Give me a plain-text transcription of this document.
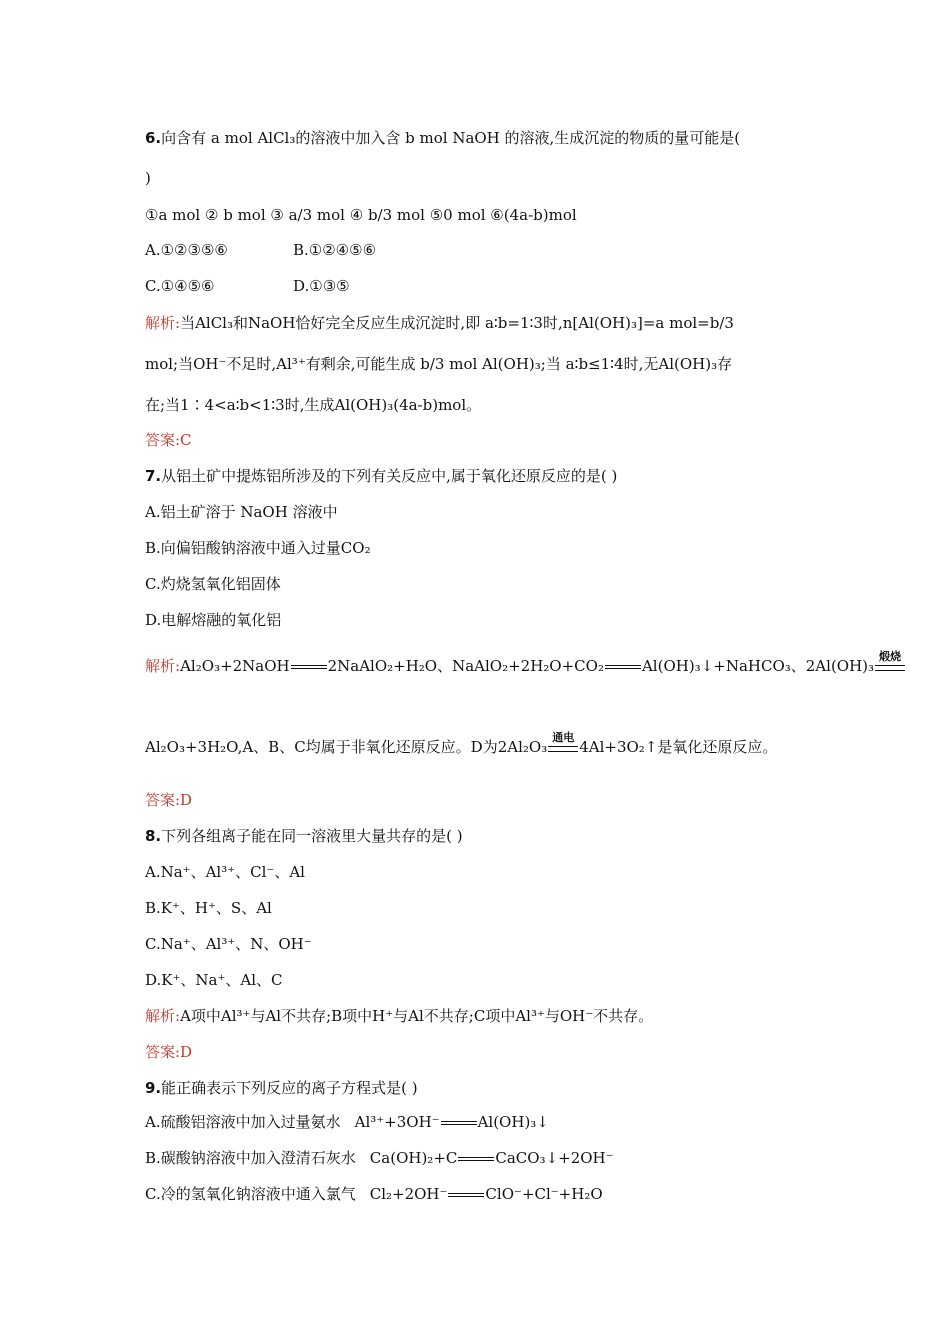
6.向含有 a mol AlCl₃的溶液中加入含 b mol NaOH 的溶液,生成沉淀的物质的量可能是(
)
①a mol ② b mol ③ a/3 mol ④ b/3 mol ⑤0 mol ⑥(4a-b)mol
A.①②③⑤⑥	B.①②④⑤⑥
C.①④⑤⑥	D.①③⑤
解析:当AlCl₃和NaOH恰好完全反应生成沉淀时,即 a∶b=1∶3时,n[Al(OH)₃]=a mol=b/3
mol;当OH⁻不足时,Al³⁺有剩余,可能生成 b/3 mol Al(OH)₃;当 a∶b≤1∶4时,无Al(OH)₃存
在;当1∶4<a∶b<1∶3时,生成Al(OH)₃(4a-b)mol。
答案:C
7.从铝土矿中提炼铝所涉及的下列有关反应中,属于氧化还原反应的是( )
A.铝土矿溶于 NaOH 溶液中
B.向偏铝酸钠溶液中通入过量CO₂
C.灼烧氢氧化铝固体
D.电解熔融的氧化铝
解析:Al₂O₃+2NaOH	2NaAlO₂+H₂O、NaAlO₂+2H₂O+CO₂	Al(OH)₃↓+NaHCO₃、2Al(OH)₃
煅烧
Al₂O₃+3H₂O,A、B、C均属于非氧化还原反应。D为2Al₂O₃
通电
4Al+3O₂↑是氧化还原反应。
答案:D
8.下列各组离子能在同一溶液里大量共存的是( )
A.Na⁺、Al³⁺、Cl⁻、Al
B.K⁺、H⁺、S、Al
C.Na⁺、Al³⁺、N、OH⁻
D.K⁺、Na⁺、Al、C
解析:A项中Al³⁺与Al不共存;B项中H⁺与Al不共存;C项中Al³⁺与OH⁻不共存。
答案:D
9.能正确表示下列反应的离子方程式是( )
A.硫酸铝溶液中加入过量氨水 Al³⁺+3OH⁻	Al(OH)₃↓
B.碳酸钠溶液中加入澄清石灰水 Ca(OH)₂+C	CaCO₃↓+2OH⁻
C.冷的氢氧化钠溶液中通入氯气 Cl₂+2OH⁻	ClO⁻+Cl⁻+H₂O
